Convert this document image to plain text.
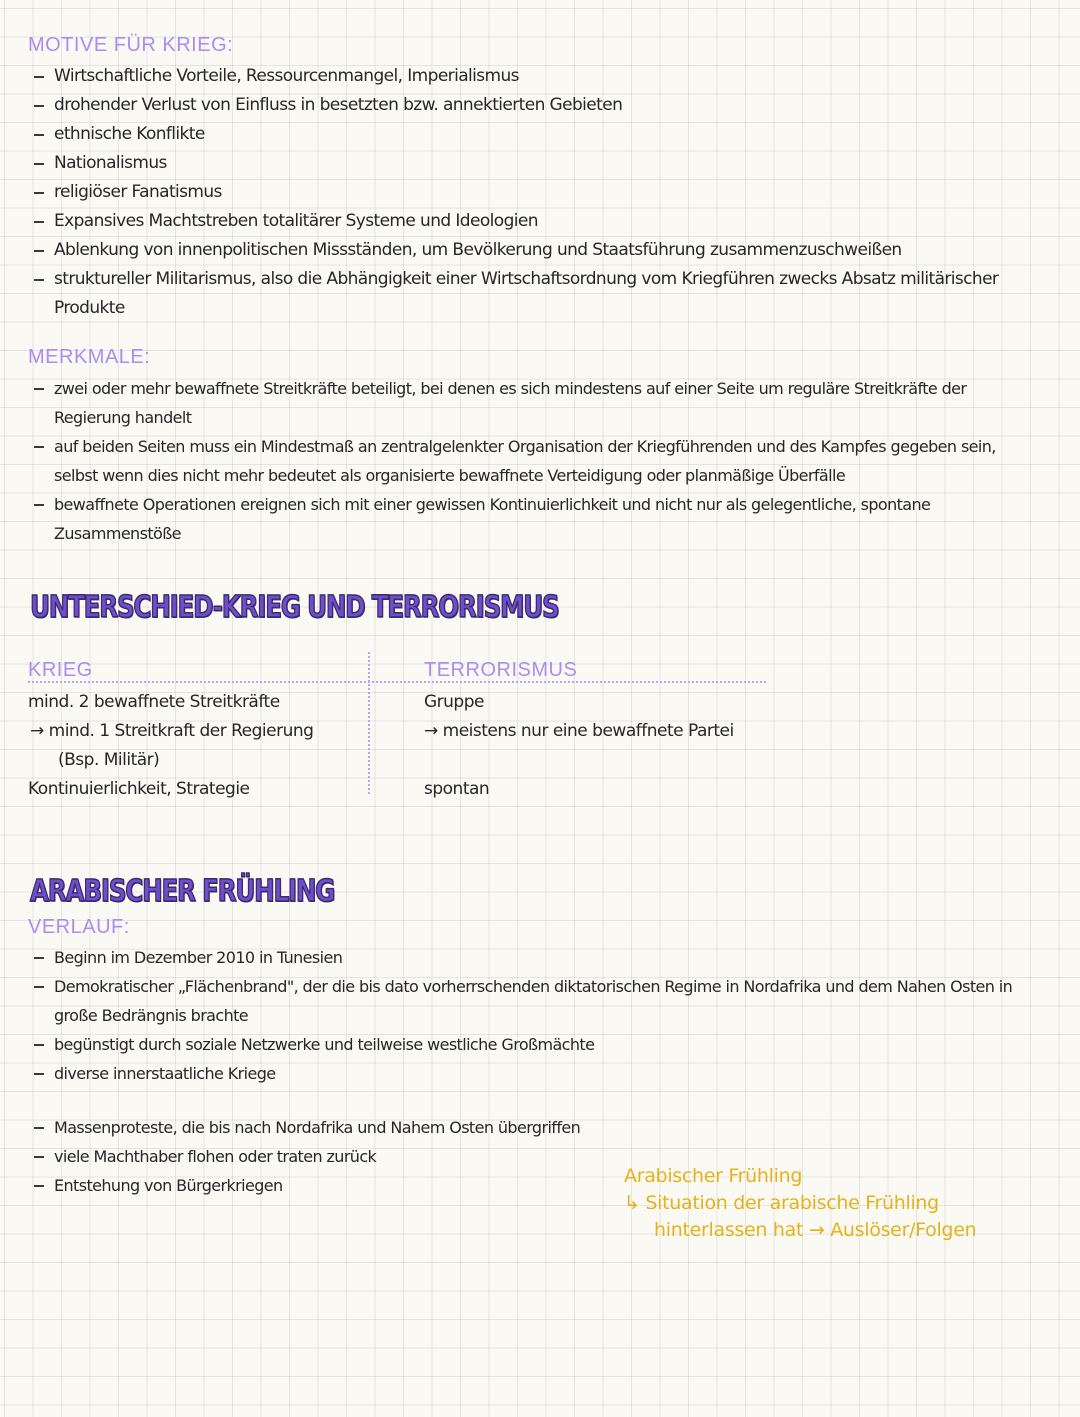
MOTIVE FÜR KRIEG:
Wirtschaftliche Vorteile, Ressourcenmangel, Imperialismus
drohender Verlust von Einfluss in besetzten bzw. annektierten Gebieten
ethnische Konflikte
Nationalismus
religiöser Fanatismus
Expansives Machtstreben totalitärer Systeme und Ideologien
Ablenkung von innenpolitischen Missständen, um Bevölkerung und Staatsführung zusammenzuschweißen
struktureller Militarismus, also die Abhängigkeit einer Wirtschaftsordnung vom Kriegführen zwecks Absatz militärischer Produkte
MERKMALE:
zwei oder mehr bewaffnete Streitkräfte beteiligt, bei denen es sich mindestens auf einer Seite um reguläre Streitkräfte der Regierung handelt
auf beiden Seiten muss ein Mindestmaß an zentralgelenkter Organisation der Kriegführenden und des Kampfes gegeben sein, selbst wenn dies nicht mehr bedeutet als organisierte bewaffnete Verteidigung oder planmäßige Überfälle
bewaffnete Operationen ereignen sich mit einer gewissen Kontinuierlichkeit und nicht nur als gelegentliche, spontane Zusammenstöße
UNTERSCHIED-KRIEG UND TERRORISMUS
KRIEG	TERRORISMUS
mind. 2 bewaffnete Streitkräfte
→ mind. 1 Streitkraft der Regierung
(Bsp. Militär)
Kontinuierlichkeit, Strategie
Gruppe
→ meistens nur eine bewaffnete Partei
spontan
ARABISCHER FRÜHLING
VERLAUF:
Beginn im Dezember 2010 in Tunesien
Demokratischer „Flächenbrand", der die bis dato vorherrschenden diktatorischen Regime in Nordafrika und dem Nahen Osten in große Bedrängnis brachte
begünstigt durch soziale Netzwerke und teilweise westliche Großmächte
diverse innerstaatliche Kriege
Massenproteste, die bis nach Nordafrika und Nahem Osten übergriffen
viele Machthaber flohen oder traten zurück
Entstehung von Bürgerkriegen	Arabischer Frühling
↳ Situation der arabische Frühling
hinterlassen hat → Auslöser/Folgen
